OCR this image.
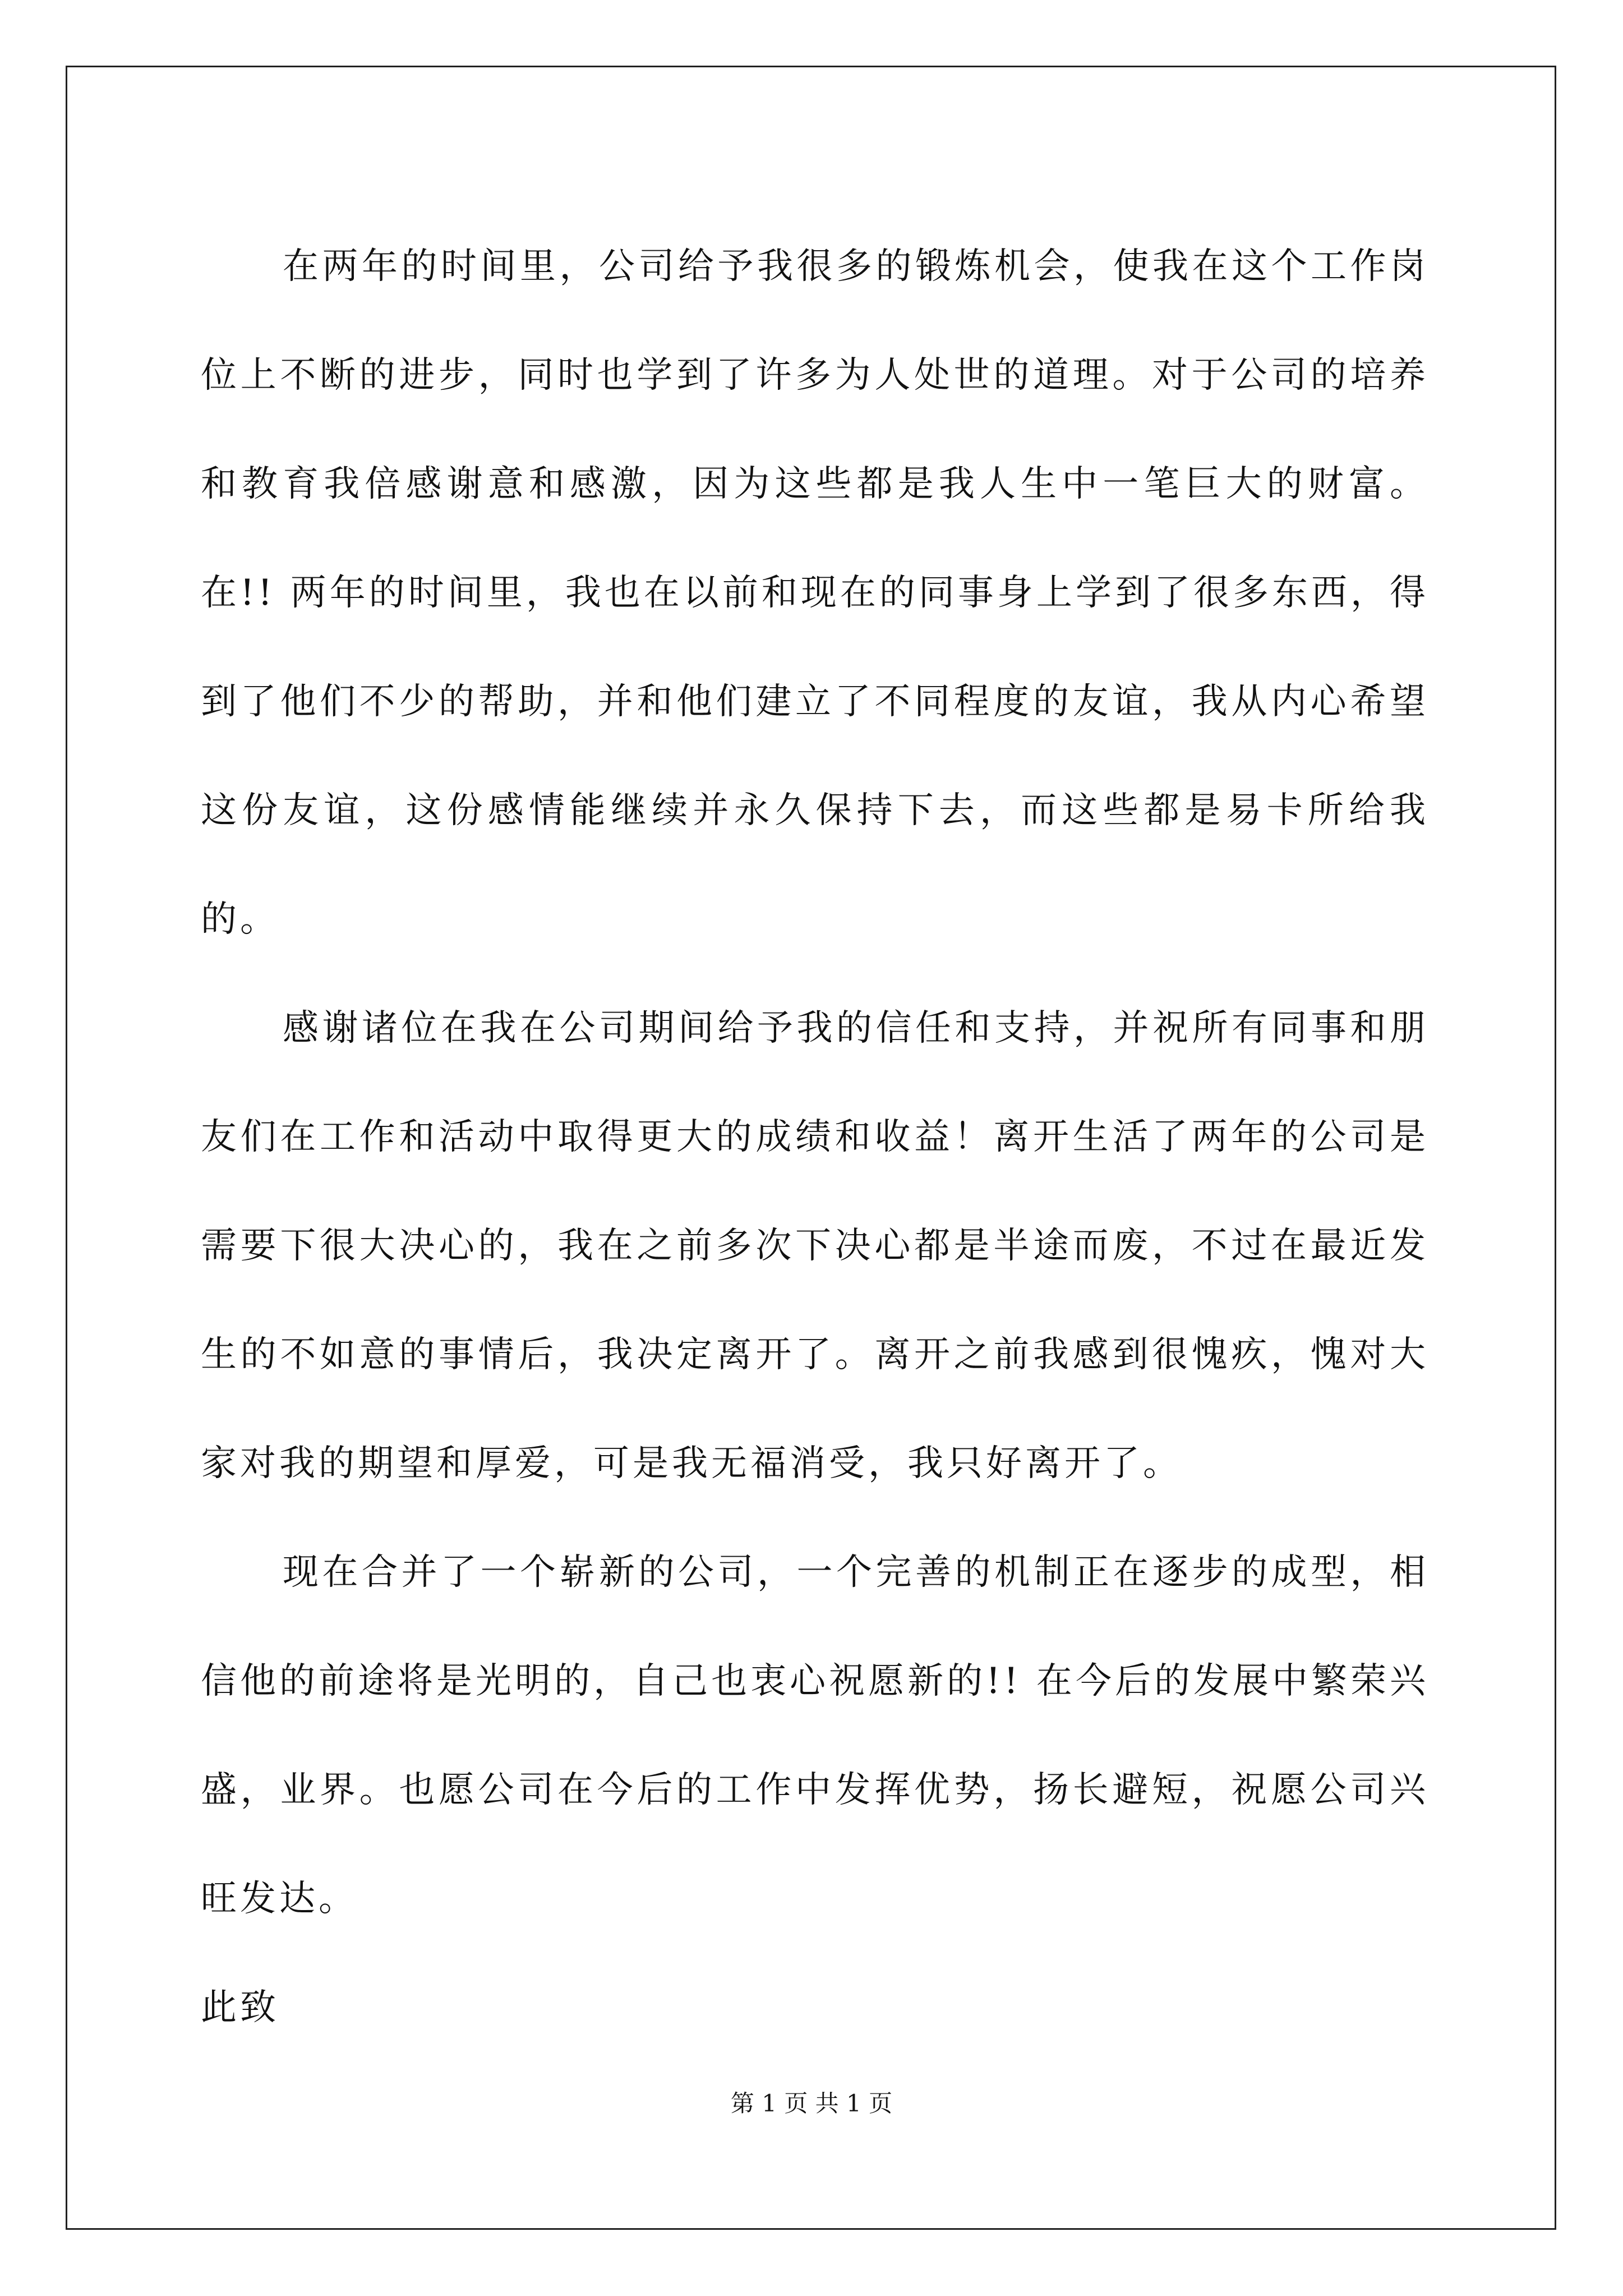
在两年的时间里，公司给予我很多的锻炼机会，使我在这个工作岗位上不断的进步，同时也学到了许多为人处世的道理。对于公司的培养和教育我倍感谢意和感激，因为这些都是我人生中一笔巨大的财富。在!! 两年的时间里，我也在以前和现在的同事身上学到了很多东西，得到了他们不少的帮助，并和他们建立了不同程度的友谊，我从内心希望这份友谊，这份感情能继续并永久保持下去，而这些都是易卡所给我的。

感谢诸位在我在公司期间给予我的信任和支持，并祝所有同事和朋友们在工作和活动中取得更大的成绩和收益！离开生活了两年的公司是需要下很大决心的，我在之前多次下决心都是半途而废，不过在最近发生的不如意的事情后，我决定离开了。离开之前我感到很愧疚，愧对大家对我的期望和厚爱，可是我无福消受，我只好离开了。

现在合并了一个崭新的公司，一个完善的机制正在逐步的成型，相信他的前途将是光明的，自己也衷心祝愿新的!! 在今后的发展中繁荣兴盛，业界。也愿公司在今后的工作中发挥优势，扬长避短，祝愿公司兴旺发达。

此致

第 1 页 共 1 页
